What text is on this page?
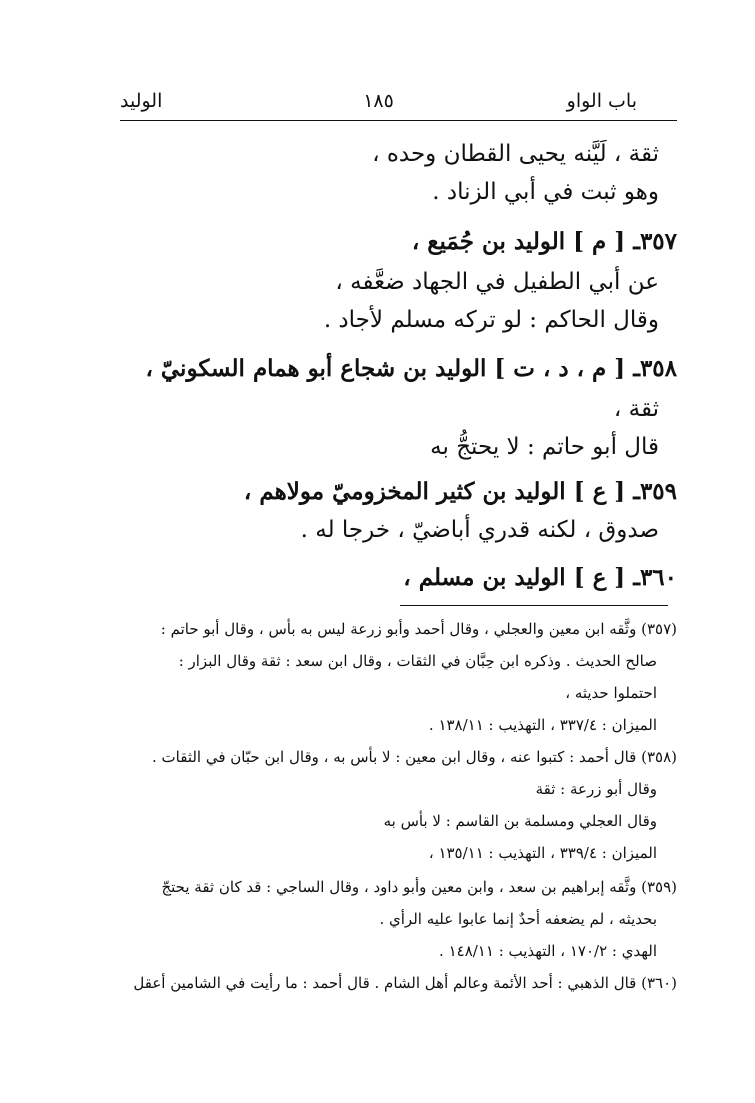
باب الواو
١٨٥
الوليد
ثقة ، لَيَّنه يحيى القطان وحده ،
وهو ثبت في أبي الزناد .
٣٥٧ـ [ م ] الوليد بن جُمَيع ،
عن أبي الطفيل في الجهاد ضعَّفه ،
وقال الحاكم : لو تركه مسلم لأجاد .
٣٥٨ـ [ م ، د ، ت ] الوليد بن شجاع أبو همام السكونيّ ،
ثقة ،
قال أبو حاتم : لا يحتجُّ به
٣٥٩ـ [ ع ] الوليد بن كثير المخزوميّ مولاهم ،
صدوق ، لكنه قدري أباضيّ ، خرجا له .
٣٦٠ـ [ ع ] الوليد بن مسلم ،
(٣٥٧) وثَّقه ابن معين والعجلي ، وقال أحمد وأبو زرعة ليس به بأس ، وقال أبو حاتم :
صالح الحديث . وذكره ابن حِبَّان في الثقات ، وقال ابن سعد : ثقة وقال البزار :
احتملوا حديثه ،
الميزان : ٣٣٧/٤ ، التهذيب : ١٣٨/١١ .
(٣٥٨) قال أحمد : كتبوا عنه ، وقال ابن معين : لا بأس به ، وقال ابن حبّان في الثقات .
وقال أبو زرعة : ثقة
وقال العجلي ومسلمة بن القاسم : لا بأس به
الميزان : ٣٣٩/٤ ، التهذيب : ١٣٥/١١ ،
(٣٥٩) وثَّقه إبراهيم بن سعد ، وابن معين وأبو داود ، وقال الساجي : قد كان ثقة يحتجّ
بحديثه ، لم يضعفه أحدٌ إنما عابوا عليه الرأي .
الهدي : ١٧٠/٢ ، التهذيب : ١٤٨/١١ .
(٣٦٠) قال الذهبي : أحد الأئمة وعالم أهل الشام . قال أحمد : ما رأيت في الشامين أعقل
